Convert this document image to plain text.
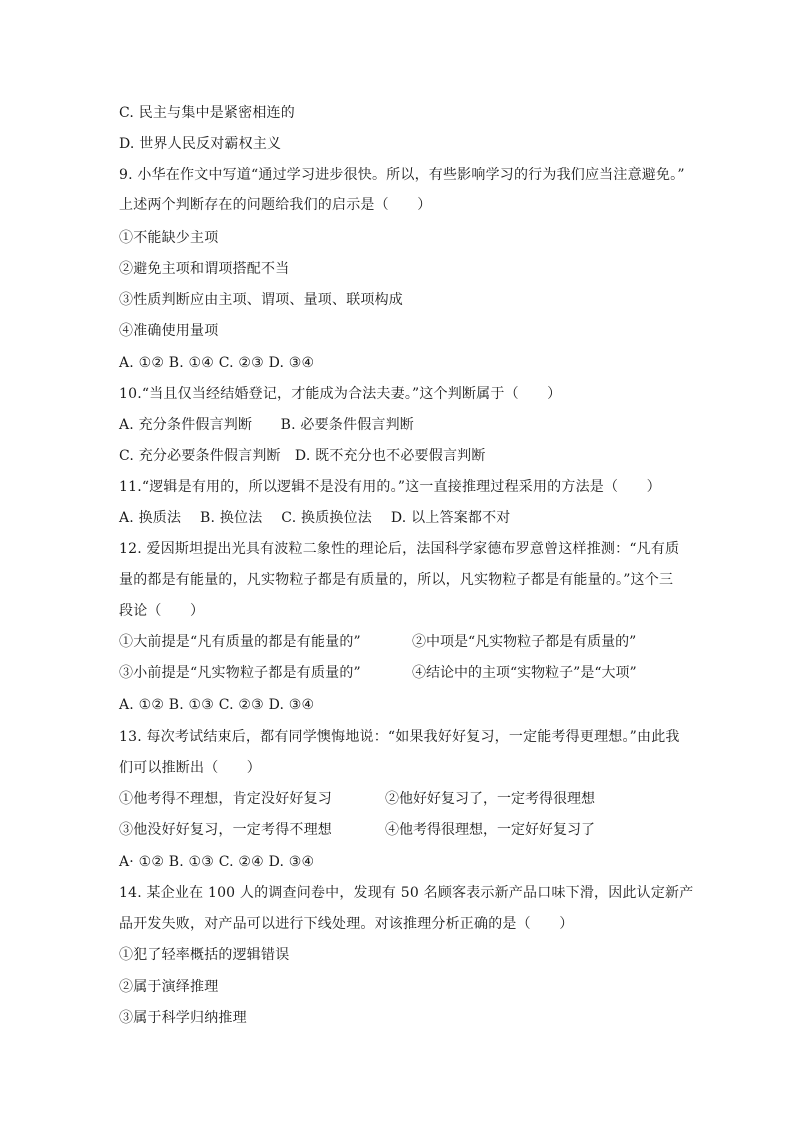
C. 民主与集中是紧密相连的
D. 世界人民反对霸权主义
9. 小华在作文中写道“通过学习进步很快。所以，有些影响学习的行为我们应当注意避免。”
上述两个判断存在的问题给我们的启示是（　　）
①不能缺少主项
②避免主项和谓项搭配不当
③性质判断应由主项、谓项、量项、联项构成
④准确使用量项
A. ①② B. ①④ C. ②③ D. ③④
10.“当且仅当经结婚登记，才能成为合法夫妻。”这个判断属于（　　）
A. 充分条件假言判断　　B. 必要条件假言判断
C. 充分必要条件假言判断　D. 既不充分也不必要假言判断
11.“逻辑是有用的，所以逻辑不是没有用的。”这一直接推理过程采用的方法是（　　）
A. 换质法　 B. 换位法　 C. 换质换位法　 D. 以上答案都不对
12. 爱因斯坦提出光具有波粒二象性的理论后，法国科学家德布罗意曾这样推测：“凡有质
量的都是有能量的，凡实物粒子都是有质量的，所以，凡实物粒子都是有能量的。”这个三
段论（　　）
①大前提是“凡有质量的都是有能量的”	②中项是“凡实物粒子都是有质量的”
③小前提是“凡实物粒子都是有质量的”	④结论中的主项“实物粒子”是“大项”
A. ①② B. ①③ C. ②③ D. ③④
13. 每次考试结束后，都有同学懊悔地说：“如果我好好复习，一定能考得更理想。”由此我
们可以推断出（　　）
①他考得不理想，肯定没好好复习	②他好好复习了，一定考得很理想
③他没好好复习，一定考得不理想	④他考得很理想，一定好好复习了
A· ①② B. ①③ C. ②④ D. ③④
14. 某企业在 100 人的调查问卷中，发现有 50 名顾客表示新产品口味下滑，因此认定新产
品开发失败，对产品可以进行下线处理。对该推理分析正确的是（　　）
①犯了轻率概括的逻辑错误
②属于演绎推理
③属于科学归纳推理
